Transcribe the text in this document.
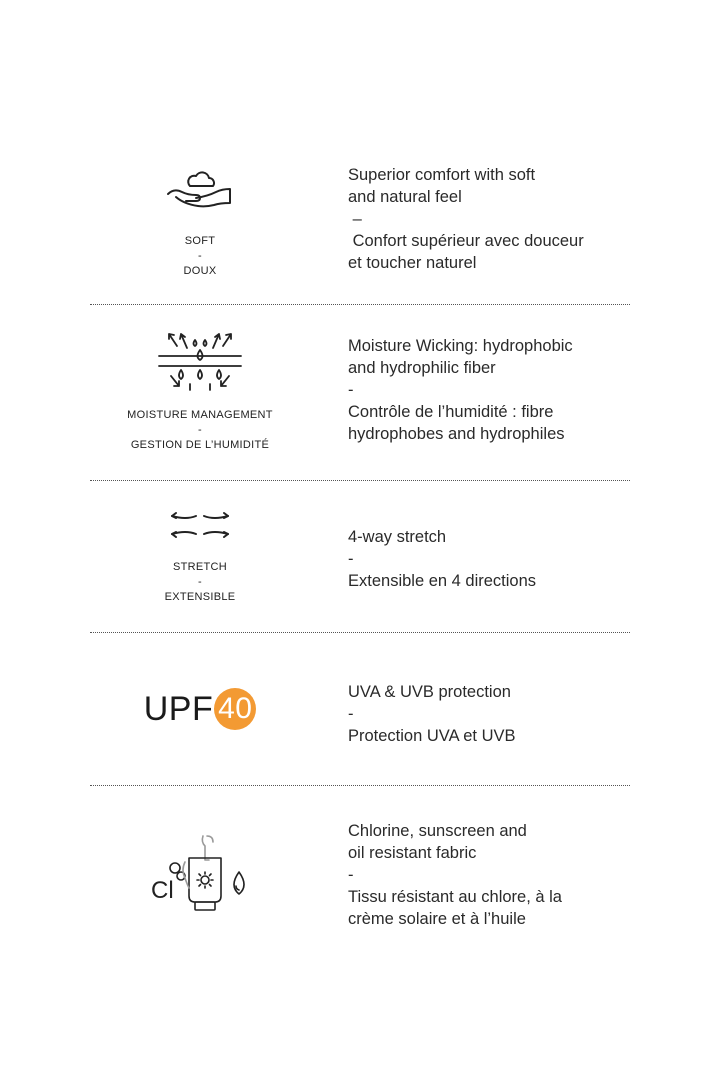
SOFT
-
DOUX
Superior comfort with soft
and natural feel
–
Confort supérieur avec douceur
et toucher naturel
MOISTURE MANAGEMENT
-
GESTION DE L’HUMIDITÉ
Moisture Wicking: hydrophobic
and hydrophilic fiber
-
Contrôle de l’humidité : fibre
hydrophobes and hydrophiles
STRETCH
-
EXTENSIBLE
4-way stretch
-
Extensible en 4 directions
UPF 40	UVA & UVB protection
-
Protection UVA et UVB
Cl
Chlorine, sunscreen and
oil resistant fabric
-
Tissu résistant au chlore, à la
crème solaire et à l’huile
